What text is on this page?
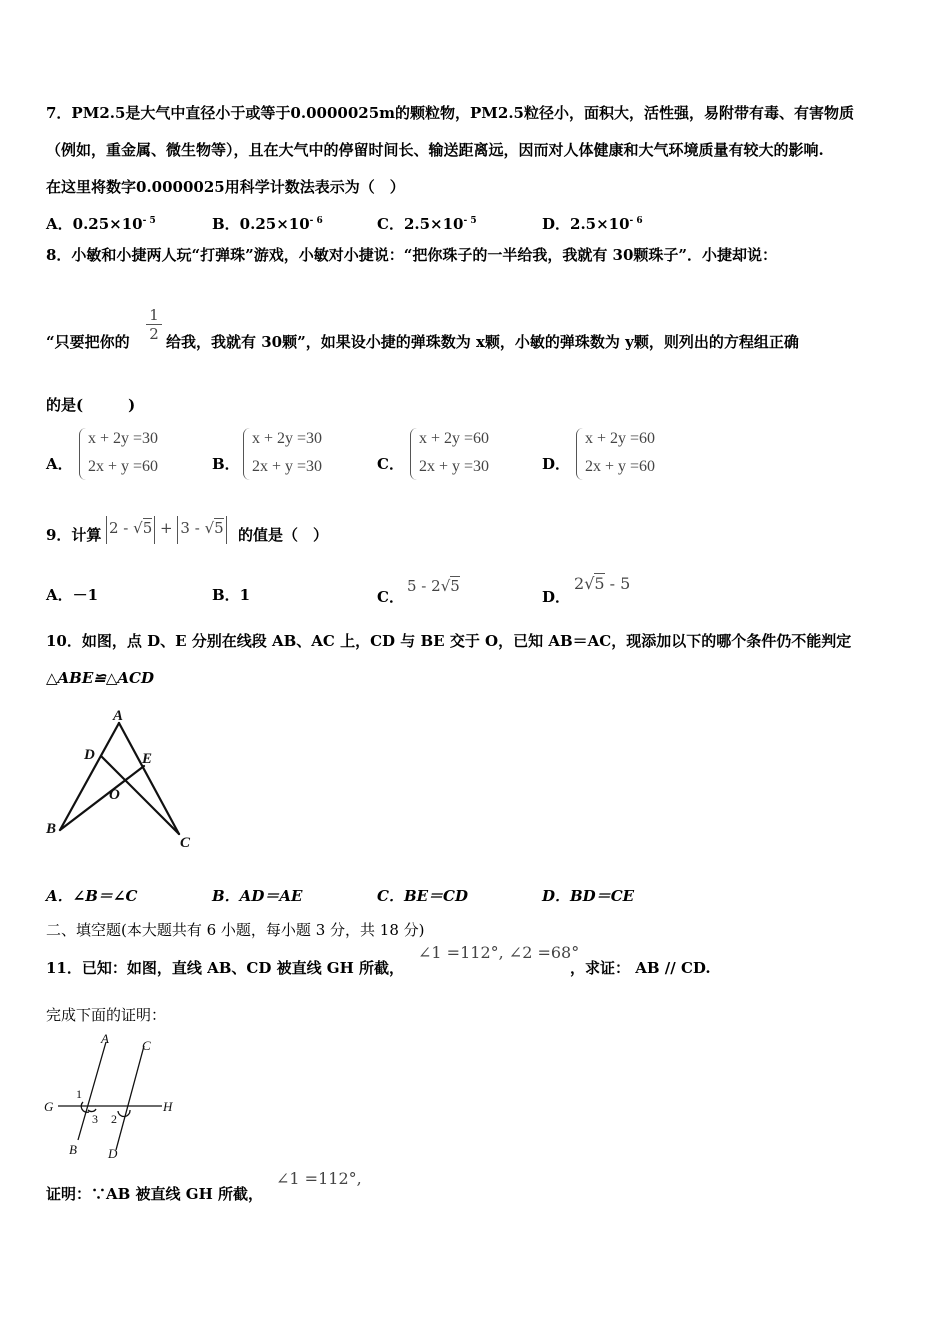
7．PM2.5是大气中直径小于或等于0.0000025m的颗粒物，PM2.5粒径小，面积大，活性强，易附带有毒、有害物质
（例如，重金属、微生物等），且在大气中的停留时间长、输送距离远，因而对人体健康和大气环境质量有较大的影响.
在这里将数字0.0000025用科学计数法表示为（　）
A．$0.25\times 10^{- 5}$	B．$0.25\times 10^{- 6}$	C．$2.5\times 10^{- 5}$	D．$2.5\times 10^{- 6}$
8．小敏和小捷两人玩“打弹珠”游戏，小敏对小捷说：“把你珠子的一半给我，我就有 30颗珠子”．小捷却说：
1
2
“只要把你的 给我，我就有 30颗”，如果设小捷的弹珠数为 x颗，小敏的弹珠数为 y颗，则列出的方程组正确
的是(　　　)
A．
x + 2y =30
2x + y =60	B．
x + 2y =30
2x + y =30	C．
x + 2y =60
2x + y =30	D．
x + 2y =60
2x + y =60
9．计算 2 - √5 + 3 - √5 的值是（　）
A．－1	B．1	C．
5 - 2√5
D．
2√5 - 5
10．如图，点 D、E 分别在线段 AB、AC 上，CD 与 BE 交于 O，已知 AB＝AC，现添加以下的哪个条件仍不能判定
△ABE≌△ACD
A
D	E
O
B
C
A．∠B＝∠C	B．AD＝AE	C．BE＝CD	D．BD＝CE
二、填空题(本大题共有 6 小题，每小题 3 分，共 18 分)
11．已知：如图，直线 AB、CD 被直线 GH 所截，
∠1 =112°, ∠2 =68°
，求证： AB // CD.
完成下面的证明：
A	C
G	H
B D
1
3 2
证明：∵AB 被直线 GH 所截，
∠1 =112°,
